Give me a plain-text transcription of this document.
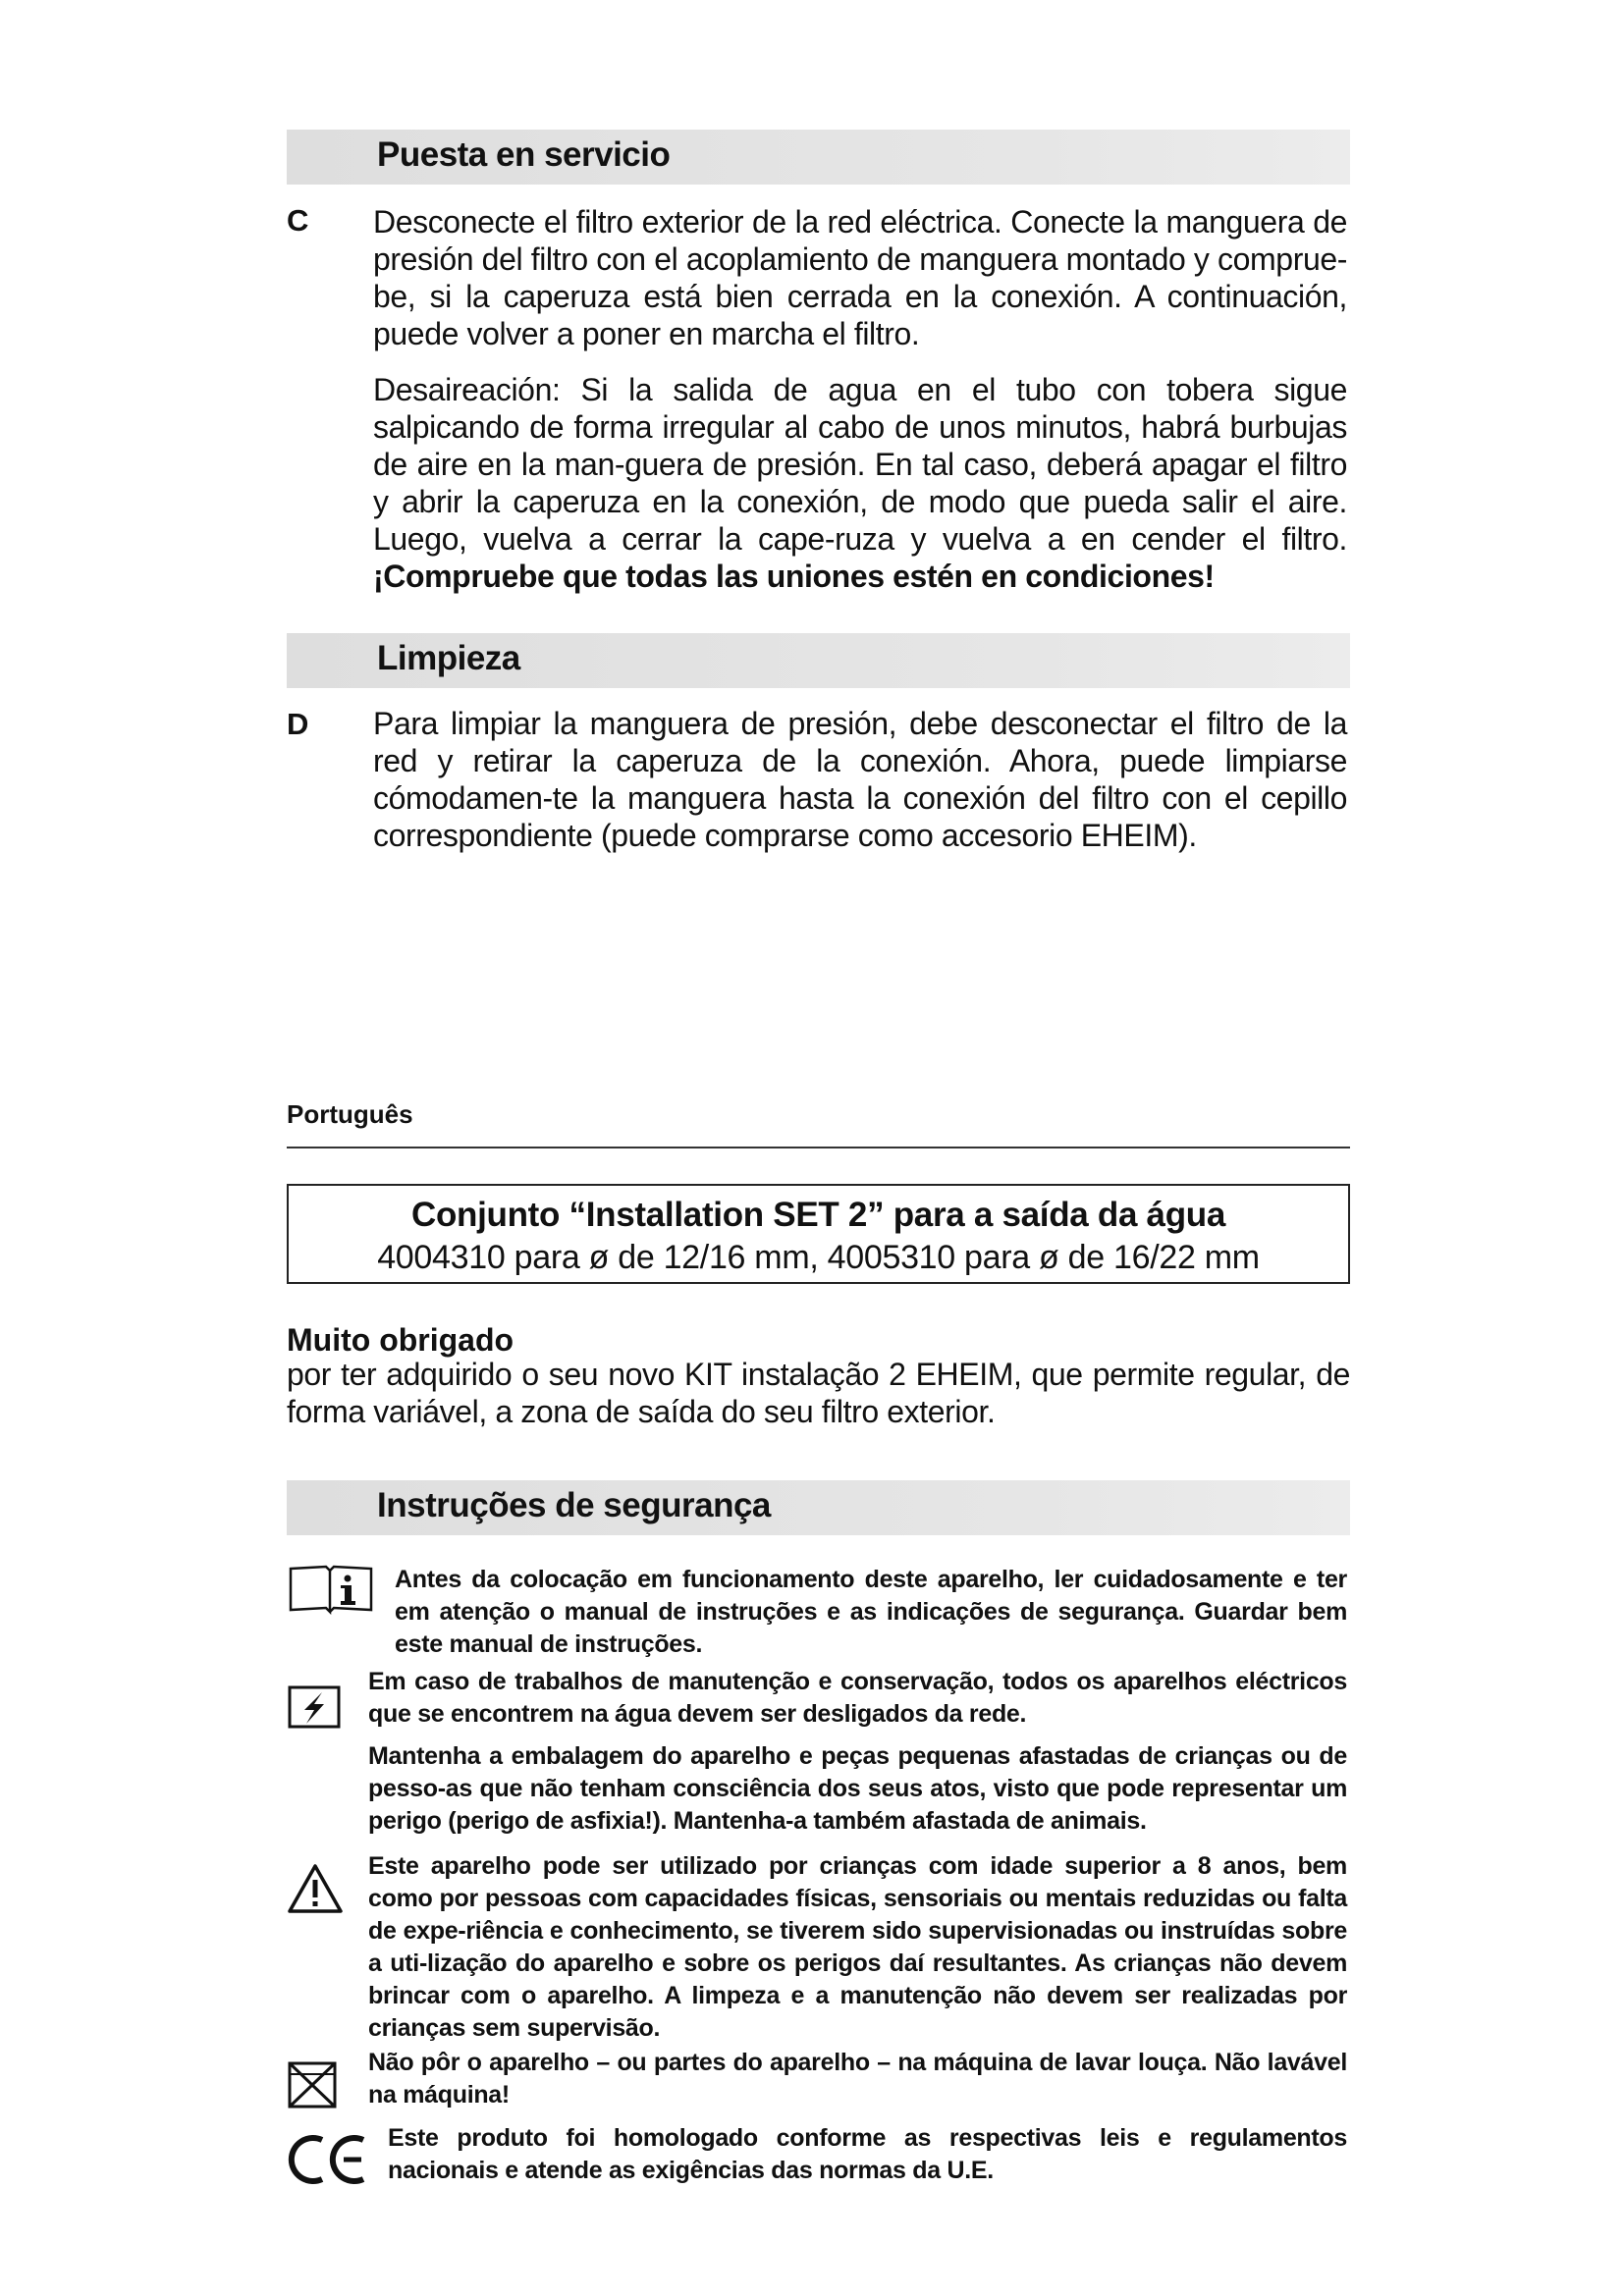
Puesta en servicio
C Desconecte el filtro exterior de la red eléctrica. Conecte la manguera de presión del filtro con el acoplamiento de manguera montado y comprue-be, si la caperuza está bien cerrada en la conexión. A continuación, puede volver a poner en marcha el filtro.
Desaireación: Si la salida de agua en el tubo con tobera sigue salpicando de forma irregular al cabo de unos minutos, habrá burbujas de aire en la man-guera de presión. En tal caso, deberá apagar el filtro y abrir la caperuza en la conexión, de modo que pueda salir el aire. Luego, vuelva a cerrar la cape-ruza y vuelva a en cender el filtro. ¡Compruebe que todas las uniones estén en condiciones!
Limpieza
D Para limpiar la manguera de presión, debe desconectar el filtro de la red y retirar la caperuza de la conexión. Ahora, puede limpiarse cómodamen-te la manguera hasta la conexión del filtro con el cepillo correspondiente (puede comprarse como accesorio EHEIM).
Português
Conjunto “Installation SET 2” para a saída da água
4004310 para ø de 12/16 mm, 4005310 para ø de 16/22 mm
Muito obrigado
por ter adquirido o seu novo KIT instalação 2 EHEIM, que permite regular, de forma variável, a zona de saída do seu filtro exterior.
Instruções de segurança
Antes da colocação em funcionamento deste aparelho, ler cuidadosamente e ter em atenção o manual de instruções e as indicações de segurança. Guardar bem este manual de instruções.
Em caso de trabalhos de manutenção e conservação, todos os aparelhos eléctricos que se encontrem na água devem ser desligados da rede.
Mantenha a embalagem do aparelho e peças pequenas afastadas de crianças ou de pesso-as que não tenham consciência dos seus atos, visto que pode representar um perigo (perigo de asfixia!). Mantenha-a também afastada de animais.
Este aparelho pode ser utilizado por crianças com idade superior a 8 anos, bem como por pessoas com capacidades físicas, sensoriais ou mentais reduzidas ou falta de expe-riência e conhecimento, se tiverem sido supervisionadas ou instruídas sobre a uti-lização do aparelho e sobre os perigos daí resultantes. As crianças não devem brincar com o aparelho. A limpeza e a manutenção não devem ser realizadas por crianças sem supervisão.
Não pôr o aparelho – ou partes do aparelho – na máquina de lavar louça. Não lavável na máquina!
Este produto foi homologado conforme as respectivas leis e regulamentos nacionais e atende as exigências das normas da U.E.
